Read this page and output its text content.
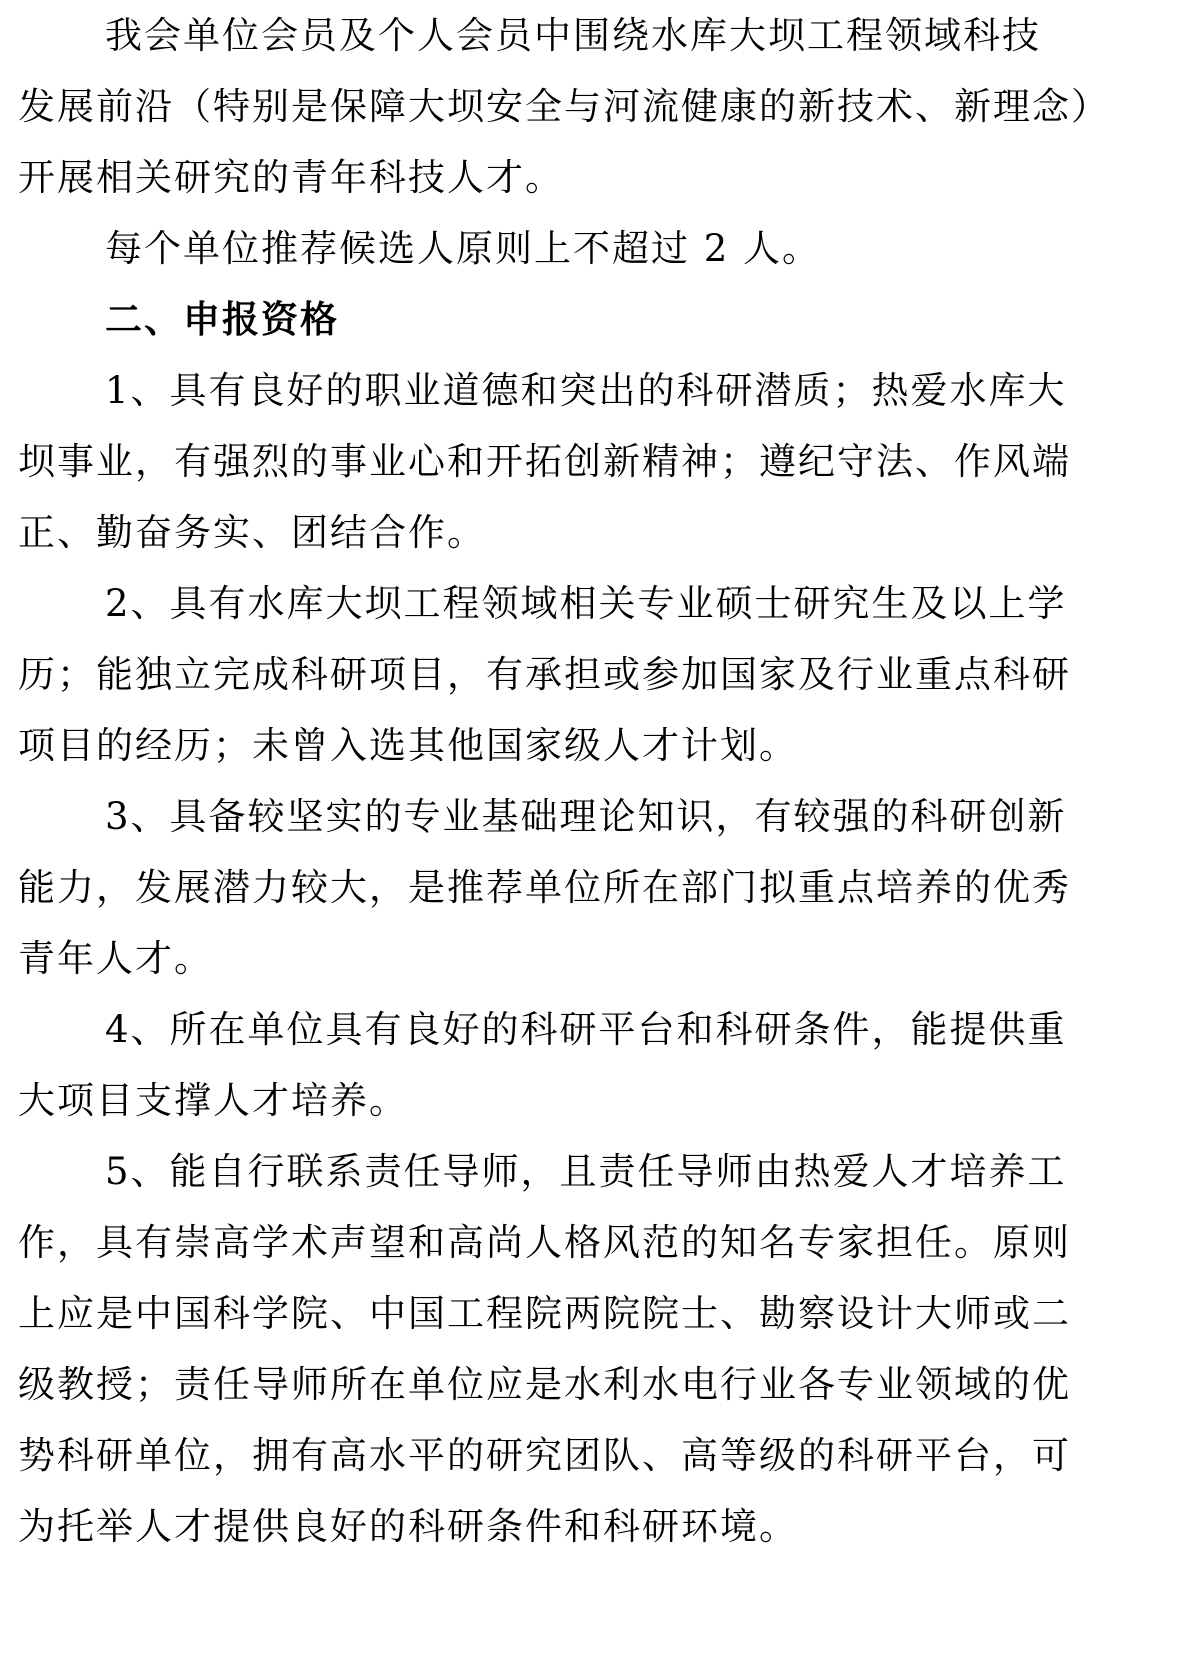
我会单位会员及个人会员中围绕水库大坝工程领域科技
发展前沿（特别是保障大坝安全与河流健康的新技术、新理念）
开展相关研究的青年科技人才。
每个单位推荐候选人原则上不超过 2 人。
二、申报资格
1、具有良好的职业道德和突出的科研潜质；热爱水库大
坝事业，有强烈的事业心和开拓创新精神；遵纪守法、作风端
正、勤奋务实、团结合作。
2、具有水库大坝工程领域相关专业硕士研究生及以上学
历；能独立完成科研项目，有承担或参加国家及行业重点科研
项目的经历；未曾入选其他国家级人才计划。
3、具备较坚实的专业基础理论知识，有较强的科研创新
能力，发展潜力较大，是推荐单位所在部门拟重点培养的优秀
青年人才。
4、所在单位具有良好的科研平台和科研条件，能提供重
大项目支撑人才培养。
5、能自行联系责任导师，且责任导师由热爱人才培养工
作，具有崇高学术声望和高尚人格风范的知名专家担任。原则
上应是中国科学院、中国工程院两院院士、勘察设计大师或二
级教授；责任导师所在单位应是水利水电行业各专业领域的优
势科研单位，拥有高水平的研究团队、高等级的科研平台，可
为托举人才提供良好的科研条件和科研环境。
